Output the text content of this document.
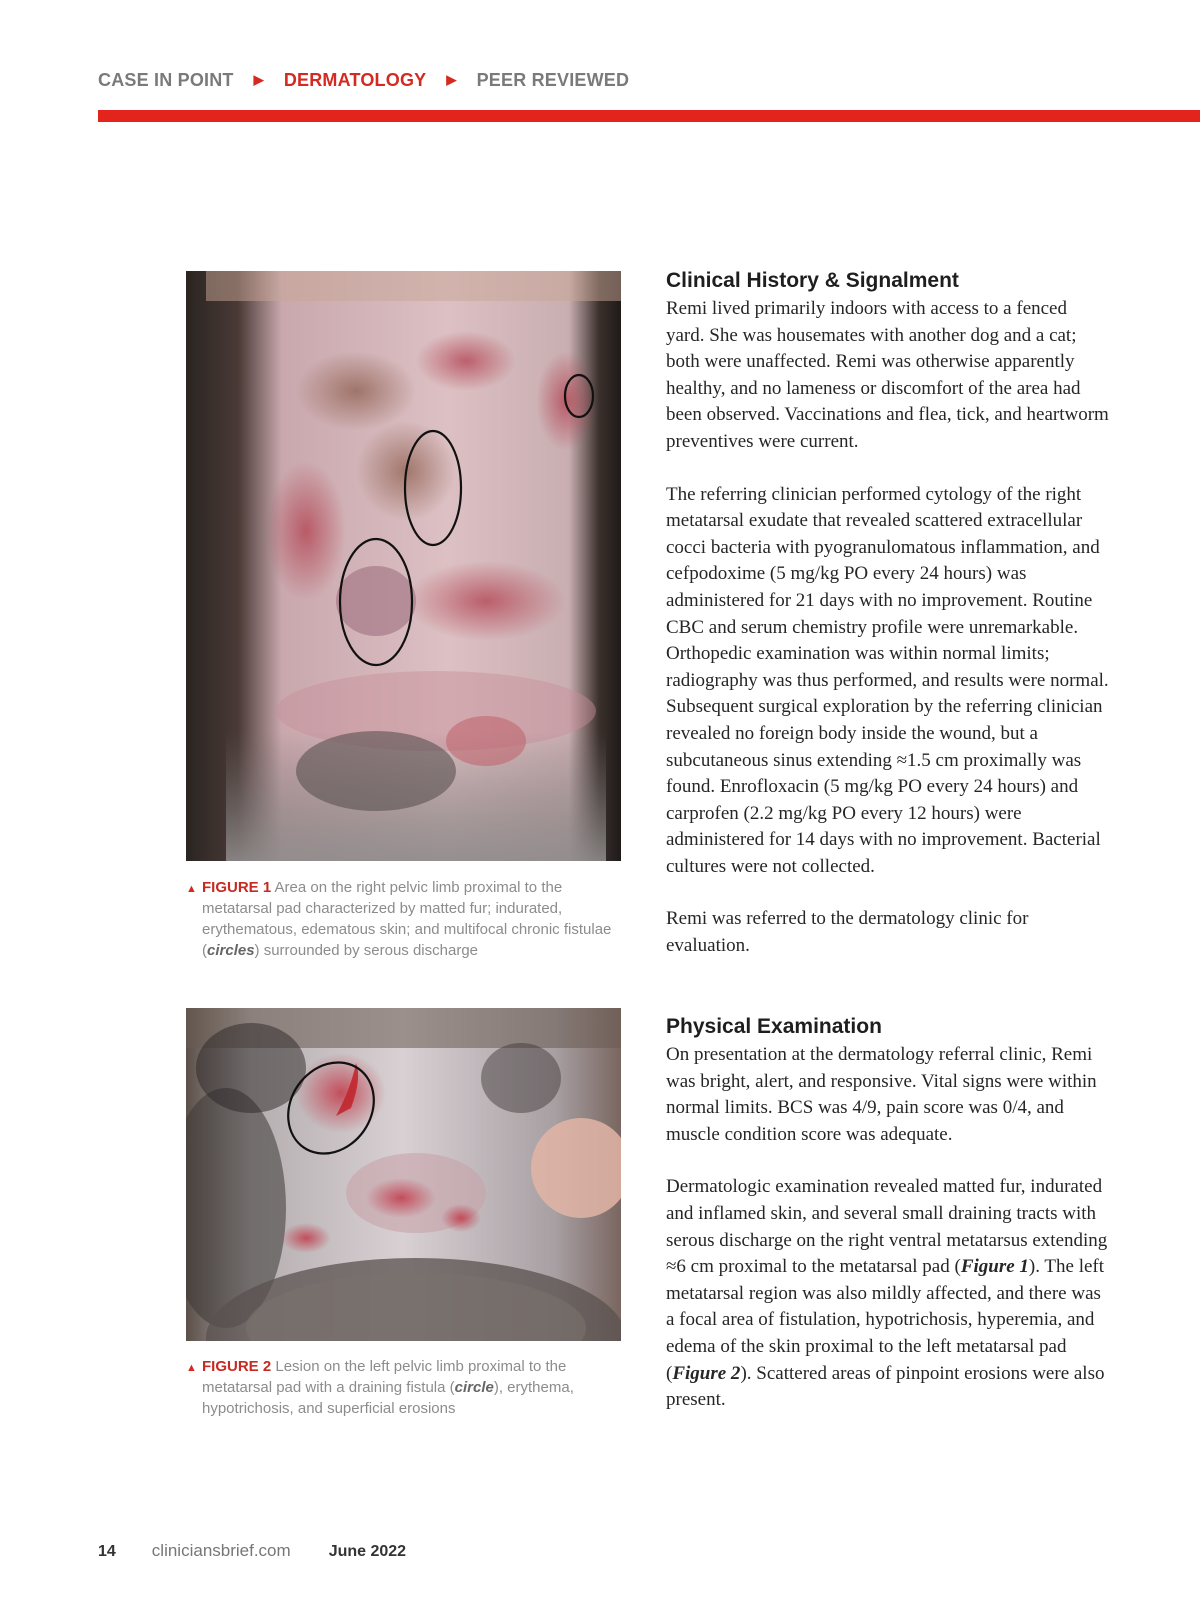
CASE IN POINT ▶ DERMATOLOGY ▶ PEER REVIEWED
▲ FIGURE 1 Area on the right pelvic limb proximal to the metatarsal pad characterized by matted fur; indurated, erythematous, edematous skin; and multifocal chronic fistulae (circles) surrounded by serous discharge
▲ FIGURE 2 Lesion on the left pelvic limb proximal to the metatarsal pad with a draining fistula (circle), erythema, hypotrichosis, and superficial erosions
Clinical History & Signalment

Remi lived primarily indoors with access to a fenced yard. She was housemates with another dog and a cat; both were unaffected. Remi was otherwise apparently healthy, and no lameness or discomfort of the area had been observed. Vaccinations and flea, tick, and heartworm preventives were current.

The referring clinician performed cytology of the right metatarsal exudate that revealed scattered extracellular cocci bacteria with pyogranulomatous inflammation, and cefpodoxime (5 mg/kg PO every 24 hours) was administered for 21 days with no improvement. Routine CBC and serum chemistry profile were unremarkable. Orthopedic examination was within normal limits; radiography was thus performed, and results were normal. Subsequent surgical exploration by the referring clinician revealed no foreign body inside the wound, but a subcutaneous sinus extending ≈1.5 cm proximally was found. Enrofloxacin (5 mg/kg PO every 24 hours) and carprofen (2.2 mg/kg PO every 12 hours) were administered for 14 days with no improvement. Bacterial cultures were not collected.

Remi was referred to the dermatology clinic for evaluation.

Physical Examination

On presentation at the dermatology referral clinic, Remi was bright, alert, and responsive. Vital signs were within normal limits. BCS was 4/9, pain score was 0/4, and muscle condition score was adequate.

Dermatologic examination revealed matted fur, indurated and inflamed skin, and several small draining tracts with serous discharge on the right ventral metatarsus extending ≈6 cm proximal to the metatarsal pad (Figure 1). The left metatarsal region was also mildly affected, and there was a focal area of fistulation, hypotrichosis, hyperemia, and edema of the skin proximal to the left metatarsal pad (Figure 2). Scattered areas of pinpoint erosions were also present.

14 cliniciansbrief.com June 2022
